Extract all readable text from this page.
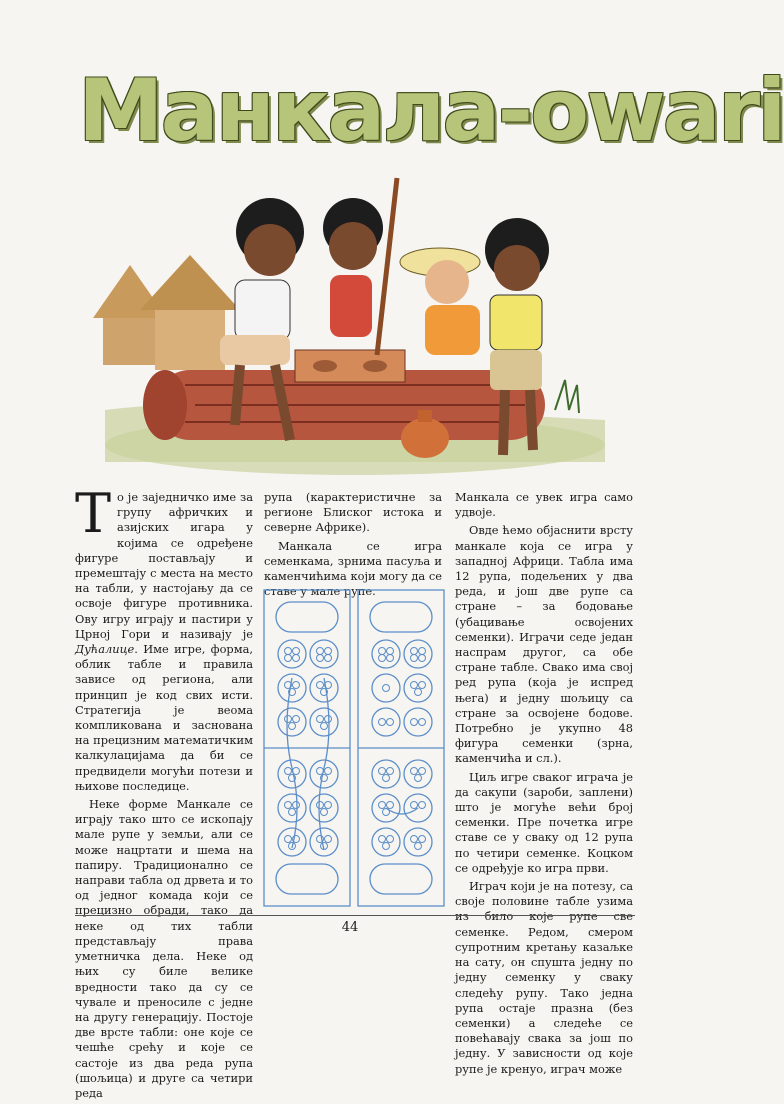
Манкала-owari

То је заједничко име за групу афричких и азијских игара у којима се одређене фигуре постављају и премештају с места на место на табли, у настојању да се освоје фигуре противника. Ову игру играју и пастири у Црној Гори и називају је Дућалице. Име игре, форма, облик табле и правила зависе од региона, али принцип је код свих исти. Стратегија је веома компликована и заснована на прецизним математичким калкулацијама да би се предвидели могући потези и њихове последице.

Неке форме Манкале се играју тако што се ископају мале рупе у земљи, али се може нацртати и шема на папиру. Традиционално се направи табла од дрвета и то од једног комада који се прецизно обради, тако да неке од тих табли представљају права уметничка дела. Неке од њих су биле велике вредности тако да су се чувале и преносиле с једне на другу генерацију. Постоје две врсте табли: оне које се чешће срећу и које се састоје из два реда рупа (шољица) и друге са четири реда

рупа (карактеристичне за регионе Блиског истока и северне Африке).

Манкала се игра семенкама, зрнима пасуља и каменчићима који могу да се ставе у мале рупе.

Манкала се увек игра само удвоје.

Овде ћемо објаснити врсту манкале која се игра у западној Африци. Табла има 12 рупа, подељених у два реда, и још две рупе са стране – за бодовање (убацивање освојених семенки). Играчи седе један наспрам другог, са обе стране табле. Свако има свој ред рупа (која је испред њега) и једну шољицу са стране за освојене бодове. Потребно је укупно 48 фигура семенки (зрна, каменчића и сл.).

Циљ игре сваког играча је да сакупи (зароби, заплени) што је могуће већи број семенки. Пре почетка игре ставе се у сваку од 12 рупа по четири семенке. Коцком се одређује ко игра први.

Играч који је на потезу, са своје половине табле узима из било које рупе све семенке. Редом, смером супротним кретању казаљке на сату, он спушта једну по једну семенку у сваку следећу рупу. Тако једна рупа остаје празна (без семенки) а следеће се повећавају свака за још по једну. У зависности од које рупе је кренуо, играч може

44
